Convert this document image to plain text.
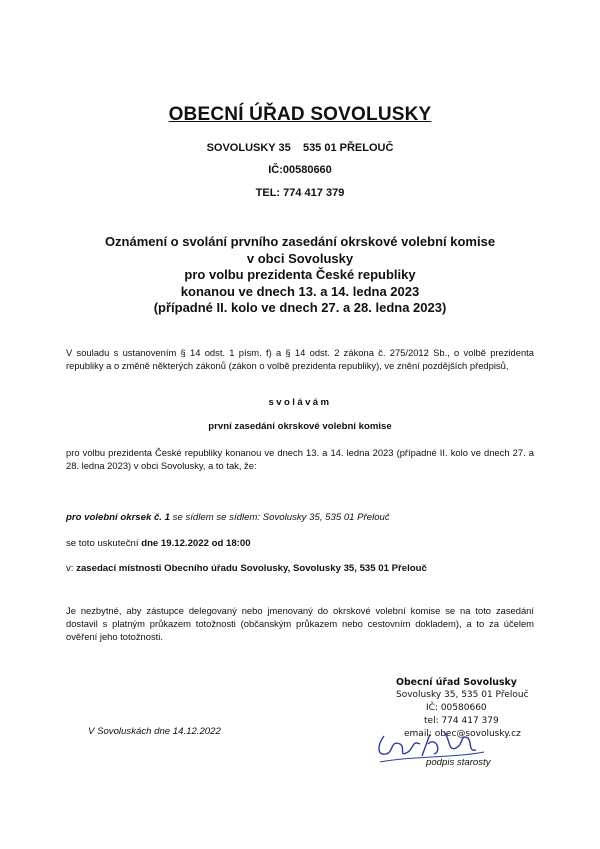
OBECNÍ ÚŘAD SOVOLUSKY
SOVOLUSKY 35    535 01 PŘELOUČ
IČ:00580660
TEL: 774 417 379
Oznámení o svolání prvního zasedání okrskové volební komise
v obci Sovolusky
pro volbu prezidenta České republiky
konanou ve dnech 13. a 14. ledna 2023
(případné II. kolo ve dnech 27. a 28. ledna 2023)
V souladu s ustanovením § 14 odst. 1 písm. f) a § 14 odst. 2 zákona č. 275/2012 Sb., o volbě prezidenta republiky a o změně některých zákonů (zákon o volbě prezidenta republiky), ve znění pozdějších předpisů,
svolávám
první zasedání okrskové volební komise
pro volbu prezidenta České republiky konanou ve dnech 13. a 14. ledna 2023 (případné II. kolo ve dnech 27. a 28. ledna 2023) v obci Sovolusky, a to tak, že:
pro volební okrsek č. 1 se sídlem se sídlem: Sovolusky 35, 535 01 Přelouč
se toto uskuteční dne 19.12.2022 od 18:00
v: zasedací místnosti Obecního úřadu Sovolusky, Sovolusky 35, 535 01 Přelouč
Je nezbytné, aby zástupce delegovaný nebo jmenovaný do okrskové volební komise se na toto zasedání dostavil s platným průkazem totožnosti (občanským průkazem nebo cestovním dokladem), a to za účelem ověření jeho totožnosti.
Obecní úřad Sovolusky
Sovolusky 35, 535 01 Přelouč
IČ: 00580660
tel: 774 417 379
email: obec@sovolusky.cz
V Sovoluskách dne 14.12.2022
podpis starosty
